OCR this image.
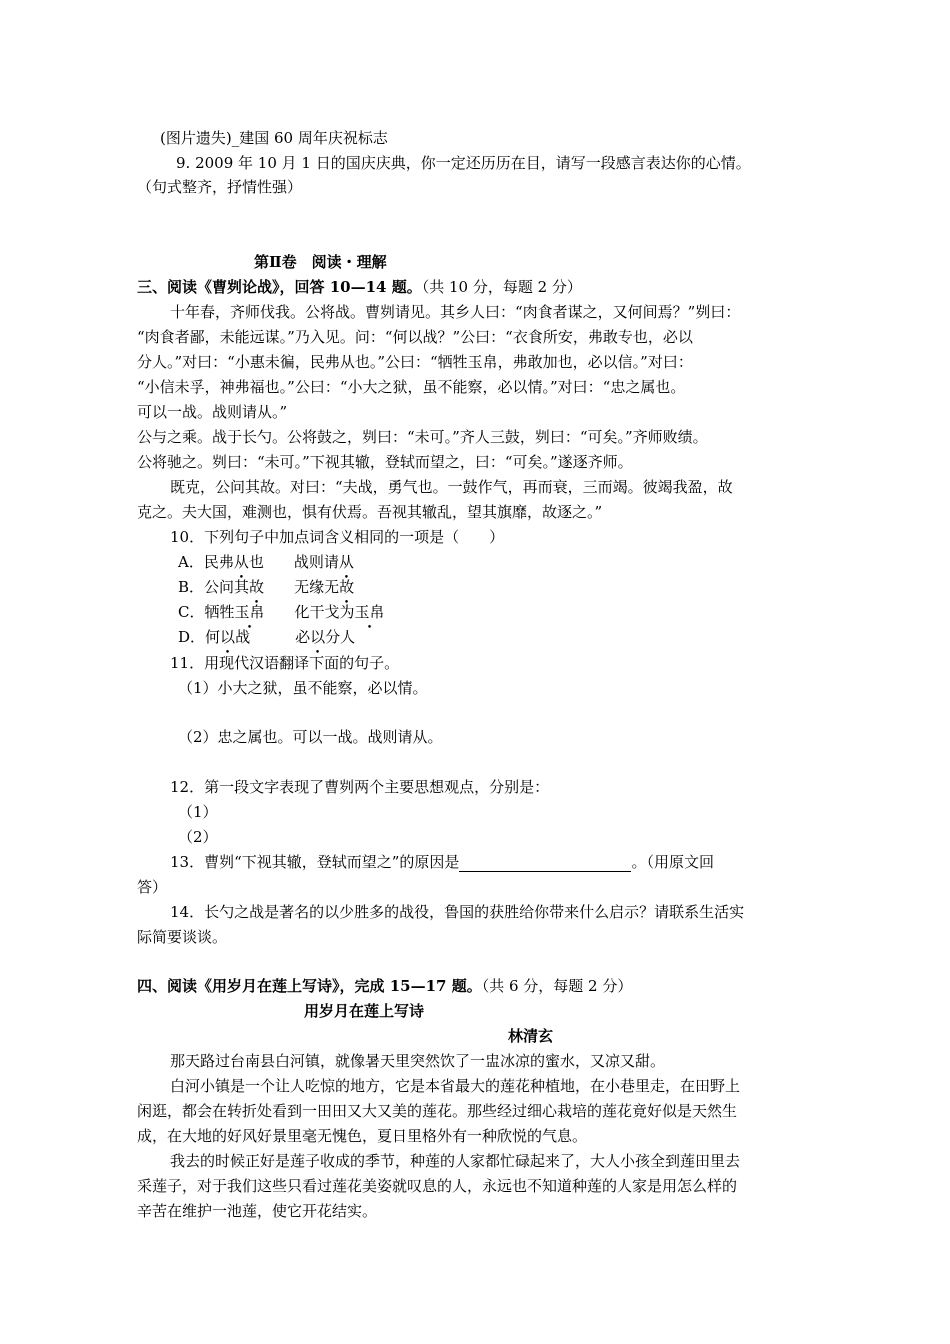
(图片遗失)_建国 60 周年庆祝标志

9. 2009 年 10 月 1 日的国庆庆典，你一定还历历在目，请写一段感言表达你的心情。

（句式整齐，抒情性强）

第Ⅱ卷　阅读・理解

三、阅读《曹刿论战》，回答 10—14 题。（共 10 分，每题 2 分）

十年春，齐师伐我。公将战。曹刿请见。其乡人曰：“肉食者谋之，又何间焉？”刿曰：

“肉食者鄙，未能远谋。”乃入见。问：“何以战？”公曰：“衣食所安，弗敢专也，必以

分人。”对曰：“小惠未徧，民弗从也。”公曰：“牺牲玉帛，弗敢加也，必以信。”对曰：

“小信未孚，神弗福也。”公曰：“小大之狱，虽不能察，必以情。”对曰：“忠之属也。

可以一战。战则请从。”

公与之乘。战于长勺。公将鼓之，刿曰：“未可。”齐人三鼓，刿曰：“可矣。”齐师败绩。

公将驰之。刿曰：“未可。”下视其辙，登轼而望之，曰：“可矣。”遂逐齐师。

既克，公问其故。对曰：“夫战，勇气也。一鼓作气，再而衰，三而竭。彼竭我盈，故

克之。夫大国，难测也，惧有伏焉。吾视其辙乱，望其旗靡，故逐之。”

10．下列句子中加点词含义相同的一项是（　　）

A．民弗从也　　战则请从

B．公问其故　　无缘无故

C．牺牲玉帛　　化干戈为玉帛

D．何以战　　　必以分人

11．用现代汉语翻译下面的句子。

（1）小大之狱，虽不能察，必以情。

（2）忠之属也。可以一战。战则请从。

12．第一段文字表现了曹刿两个主要思想观点，分别是：

（1）

（2）

13．曹刿“下视其辙，登轼而望之”的原因是	。（用原文回

答）

14．长勺之战是著名的以少胜多的战役，鲁国的获胜给你带来什么启示？请联系生活实

际简要谈谈。

四、阅读《用岁月在莲上写诗》，完成 15—17 题。（共 6 分，每题 2 分）

用岁月在莲上写诗

林清玄

那天路过台南县白河镇，就像暑天里突然饮了一盅冰凉的蜜水，又凉又甜。

白河小镇是一个让人吃惊的地方，它是本省最大的莲花种植地，在小巷里走，在田野上

闲逛，都会在转折处看到一田田又大又美的莲花。那些经过细心栽培的莲花竟好似是天然生

成，在大地的好风好景里毫无愧色，夏日里格外有一种欣悦的气息。

我去的时候正好是莲子收成的季节，种莲的人家都忙碌起来了，大人小孩全到莲田里去

采莲子，对于我们这些只看过莲花美姿就叹息的人，永远也不知道种莲的人家是用怎么样的

辛苦在维护一池莲，使它开花结实。
